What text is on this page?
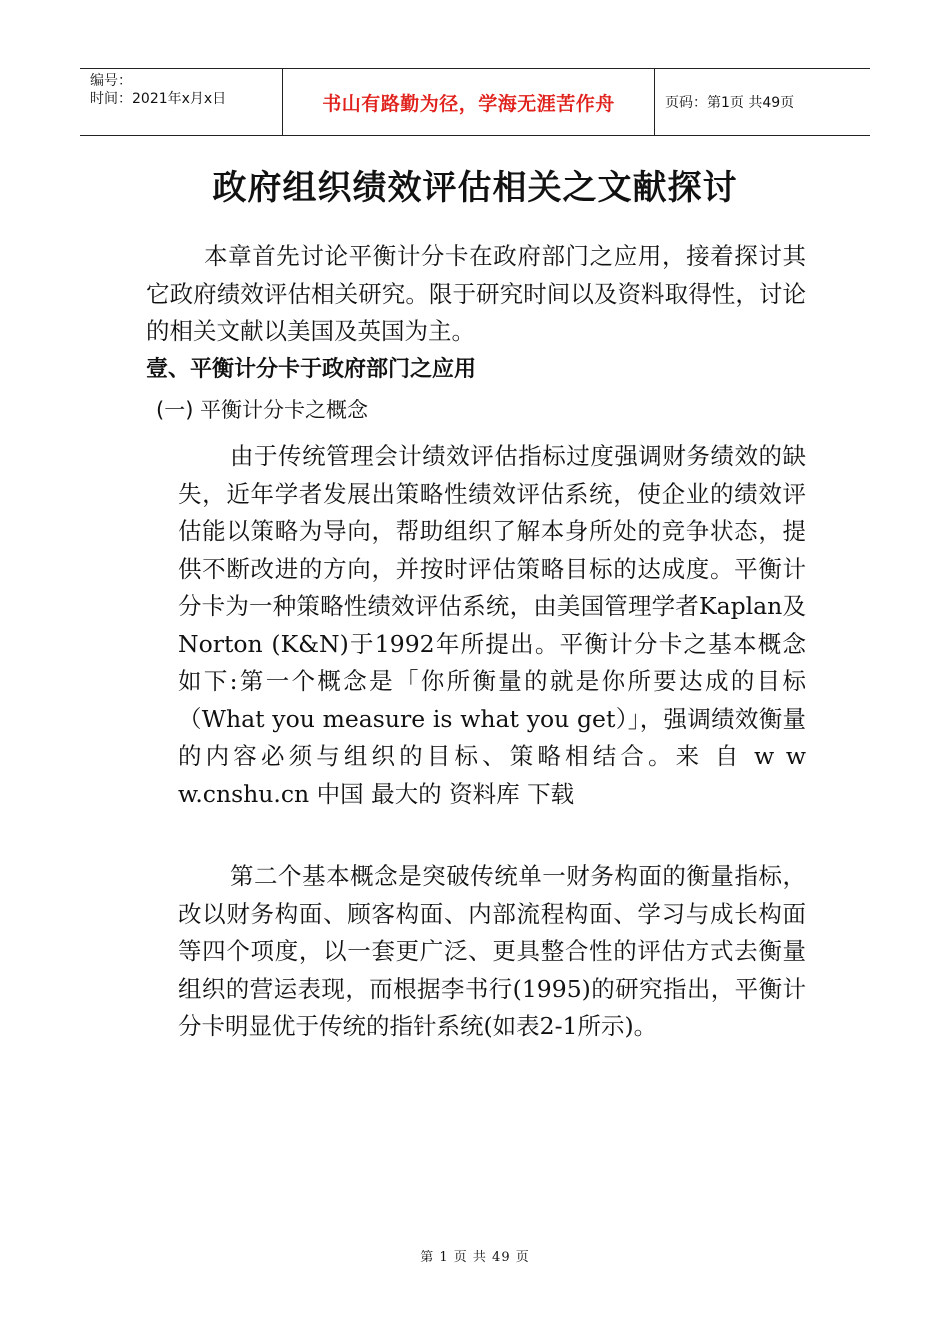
编号：
时间：2021年x月x日	书山有路勤为径，学海无涯苦作舟	页码：第1页 共49页
政府组织绩效评估相关之文献探讨

本章首先讨论平衡计分卡在政府部门之应用，接着探讨其它政府绩效评估相关研究。限于研究时间以及资料取得性，讨论的相关文献以美国及英国为主。

壹、平衡计分卡于政府部门之应用
(一) 平衡计分卡之概念

由于传统管理会计绩效评估指标过度强调财务绩效的缺失，近年学者发展出策略性绩效评估系统，使企业的绩效评估能以策略为导向，帮助组织了解本身所处的竞争状态，提供不断改进的方向，并按时评估策略目标的达成度。平衡计分卡为一种策略性绩效评估系统，由美国管理学者Kaplan及Norton (K&N)于1992年所提出。平衡计分卡之基本概念如下:第一个概念是「你所衡量的就是你所要达成的目标（What you measure is what you get）」，强调绩效衡量的内容必须与组织的目标、策略相结合。来 自 w w w.cnshu.cn 中国 最大的 资料库 下载

第二个基本概念是突破传统单一财务构面的衡量指标，改以财务构面、顾客构面、内部流程构面、学习与成长构面等四个项度，以一套更广泛、更具整合性的评估方式去衡量组织的营运表现，而根据李书行(1995)的研究指出，平衡计分卡明显优于传统的指针系统(如表2-1所示)。

第 1 页 共 49 页
